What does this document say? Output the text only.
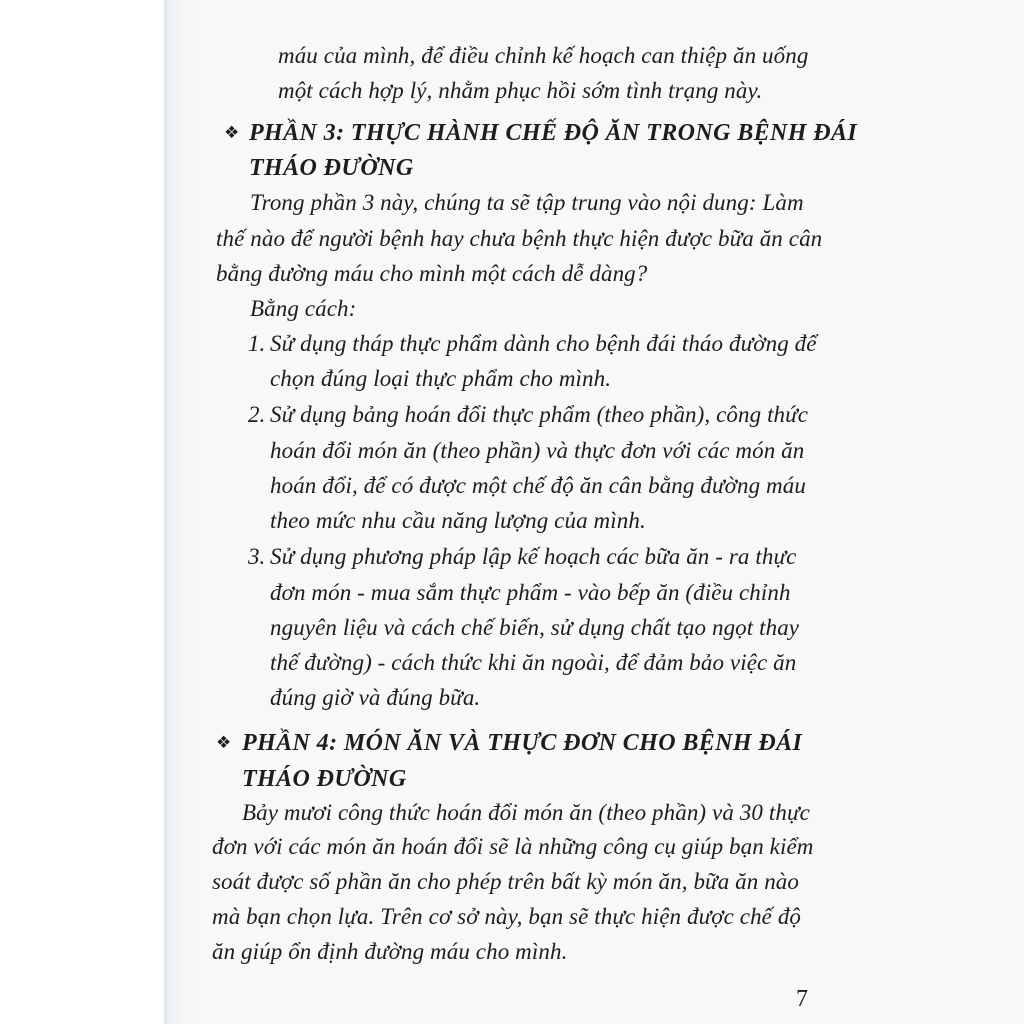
máu của mình, để điều chỉnh kế hoạch can thiệp ăn uống
một cách hợp lý, nhằm phục hồi sớm tình trạng này.
❖ PHẦN 3: THỰC HÀNH CHẾ ĐỘ ĂN TRONG BỆNH ĐÁI
THÁO ĐƯỜNG
Trong phần 3 này, chúng ta sẽ tập trung vào nội dung: Làm
thế nào để người bệnh hay chưa bệnh thực hiện được bữa ăn cân
bằng đường máu cho mình một cách dễ dàng?
Bằng cách:
1. Sử dụng tháp thực phẩm dành cho bệnh đái tháo đường để
chọn đúng loại thực phẩm cho mình.
2. Sử dụng bảng hoán đổi thực phẩm (theo phần), công thức
hoán đổi món ăn (theo phần) và thực đơn với các món ăn
hoán đổi, để có được một chế độ ăn cân bằng đường máu
theo mức nhu cầu năng lượng của mình.
3. Sử dụng phương pháp lập kế hoạch các bữa ăn - ra thực
đơn món - mua sắm thực phẩm - vào bếp ăn (điều chỉnh
nguyên liệu và cách chế biến, sử dụng chất tạo ngọt thay
thế đường) - cách thức khi ăn ngoài, để đảm bảo việc ăn
đúng giờ và đúng bữa.
❖ PHẦN 4: MÓN ĂN VÀ THỰC ĐƠN CHO BỆNH ĐÁI
THÁO ĐƯỜNG
Bảy mươi công thức hoán đổi món ăn (theo phần) và 30 thực
đơn với các món ăn hoán đổi sẽ là những công cụ giúp bạn kiểm
soát được số phần ăn cho phép trên bất kỳ món ăn, bữa ăn nào
mà bạn chọn lựa. Trên cơ sở này, bạn sẽ thực hiện được chế độ
ăn giúp ổn định đường máu cho mình.
7
